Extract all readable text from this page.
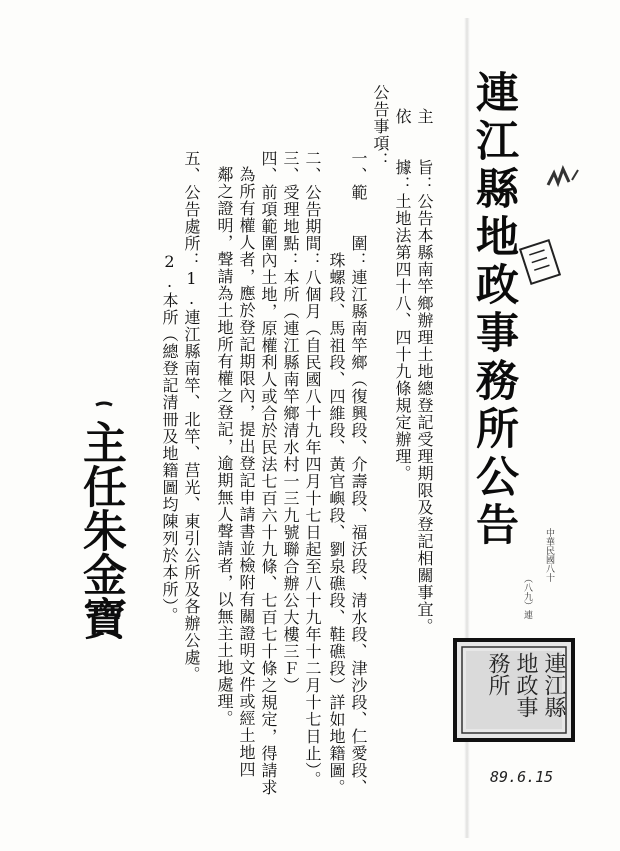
連江縣地政事務所公告
主　　旨：公告本縣南竿鄉辦理土地總登記受理期限及登記相關事宜。
依　　據：土地法第四十八、四十九條規定辦理。
公告事項：
一、範　　圍：連江縣南竿鄉（復興段、介壽段、福沃段、清水段、津沙段、仁愛段、
珠螺段、馬祖段、四維段、黃官嶼段、劉泉礁段、鞋礁段）詳如地籍圖。
二、公告期間：八個月（自民國八十九年四月十七日起至八十九年十二月十七日止）。
三、受理地點：本所（連江縣南竿鄉清水村一三九號聯合辦公大樓三Ｆ）
四、前項範圍內土地，原權利人或合於民法七百六十九條、七百七十條之規定，得請求
為所有權人者，應於登記期限內，提出登記申請書並檢附有關證明文件或經土地四
鄰之證明，聲請為土地所有權之登記，逾期無人聲請者，以無主土地處理。
五、公告處所：1.連江縣南竿、北竿、莒光、東引公所及各辦公處。
2.本所（總登記清冊及地籍圖均陳列於本所）。	中華民國八十
（八九）連
連江縣
地政事
務所
主任朱金寶
89.6.15
